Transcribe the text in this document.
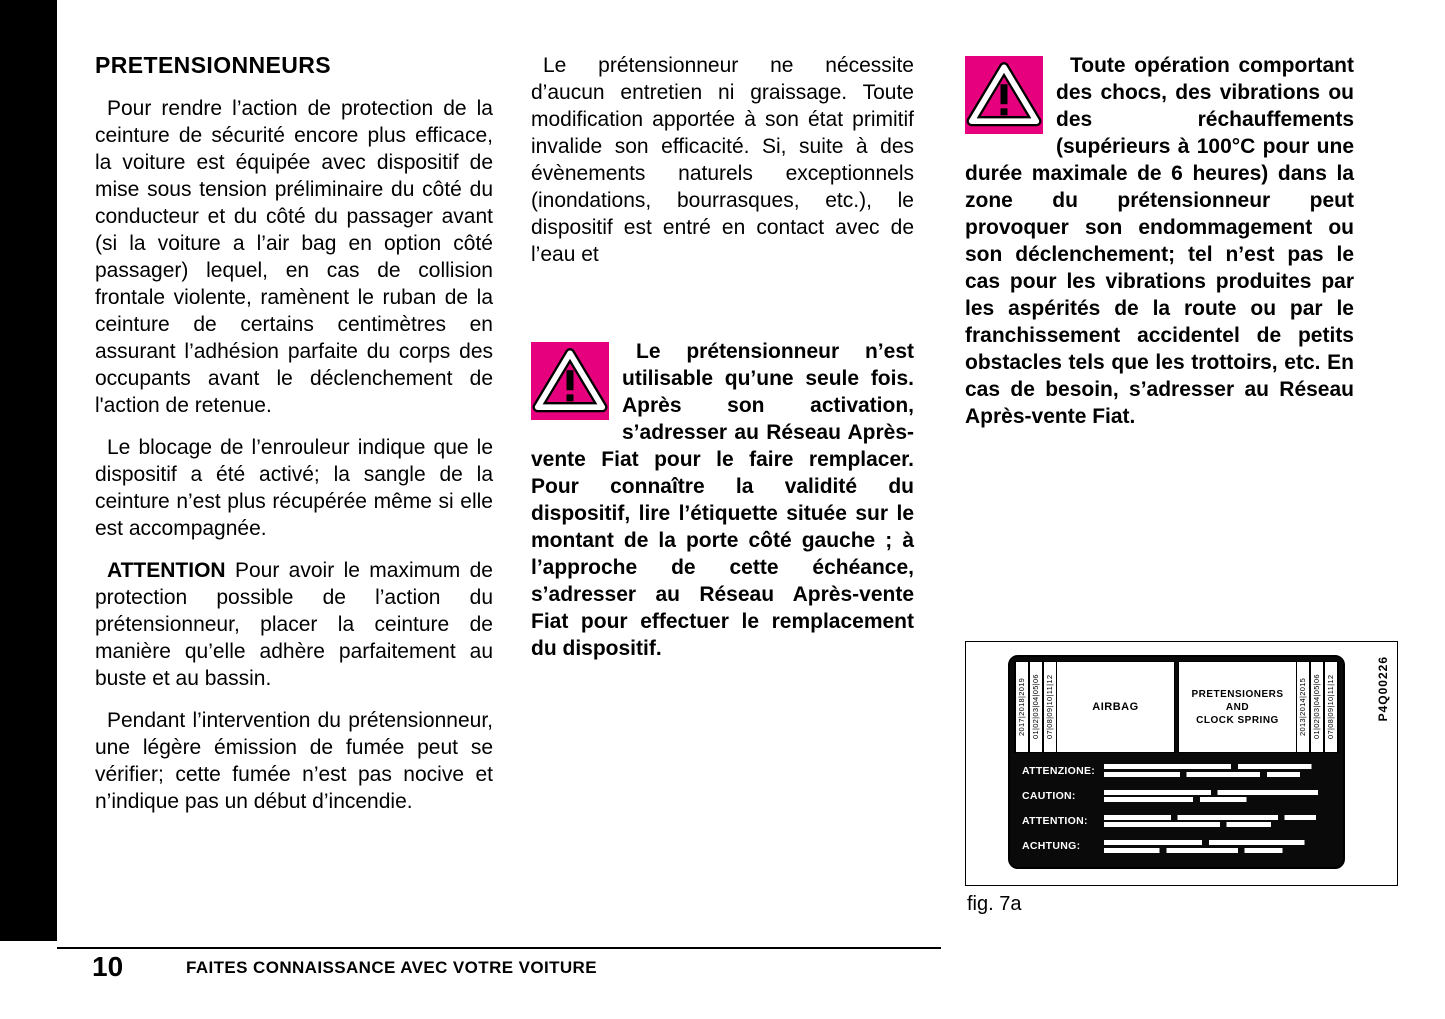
PRETENSIONNEURS

Pour rendre l’action de protection de la ceinture de sécurité encore plus efficace, la voiture est équipée avec dispositif de mise sous tension préliminaire du côté du conducteur et du côté du passager avant (si la voiture a l’air bag en option côté passager) lequel, en cas de collision frontale violente, ramènent le ruban de la ceinture de certains centimètres en assurant l’adhésion parfaite du corps des occupants avant le déclenchement de l'action de retenue.

Le blocage de l’enrouleur indique que le dispositif a été activé; la sangle de la ceinture n’est plus récupérée même si elle est accompagnée.

ATTENTION Pour avoir le maximum de protection possible de l’action du prétensionneur, placer la ceinture de manière qu’elle adhère parfaitement au buste et au bassin.

Pendant l’intervention du prétensionneur, une légère émission de fumée peut se vérifier; cette fumée n’est pas nocive et n’indique pas un début d’incendie.

Le prétensionneur ne nécessite d’aucun entretien ni graissage. Toute modification apportée à son état primitif invalide son efficacité. Si, suite à des évènements naturels exceptionnels (inondations, bourrasques, etc.), le dispositif est entré en contact avec de l’eau et

Le prétensionneur n’est utilisable qu’une seule fois. Après son activation, s’adresser au Réseau Après-vente Fiat pour le faire remplacer. Pour connaître la validité du dispositif, lire l’étiquette située sur le montant de la porte côté gauche ; à l’approche de cette échéance, s’adresser au Réseau Après-vente Fiat pour effectuer le remplacement du dispositif.
Toute opération comportant des chocs, des vibrations ou des réchauffements (supérieurs à 100°C pour une durée maximale de 6 heures) dans la zone du prétensionneur peut provoquer son endommagement ou son déclenchement; tel n’est pas le cas pour les vibrations produites par les aspérités de la route ou par le franchissement accidentel de petits obstacles tels que les trottoirs, etc. En cas de besoin, s’adresser au Réseau Après-vente Fiat.
P4Q00226
2017|2018|2019 01|02|03|04|05|06 07|08|09|10|11|12	AIRBAG
PRETENSIONERS
AND
CLOCK SPRING	2013|2014|2015 01|02|03|04|05|06 07|08|09|10|11|12
ATTENZIONE:
CAUTION:
ATTENTION:
ACHTUNG:
fig. 7a
10	FAITES CONNAISSANCE AVEC VOTRE VOITURE
